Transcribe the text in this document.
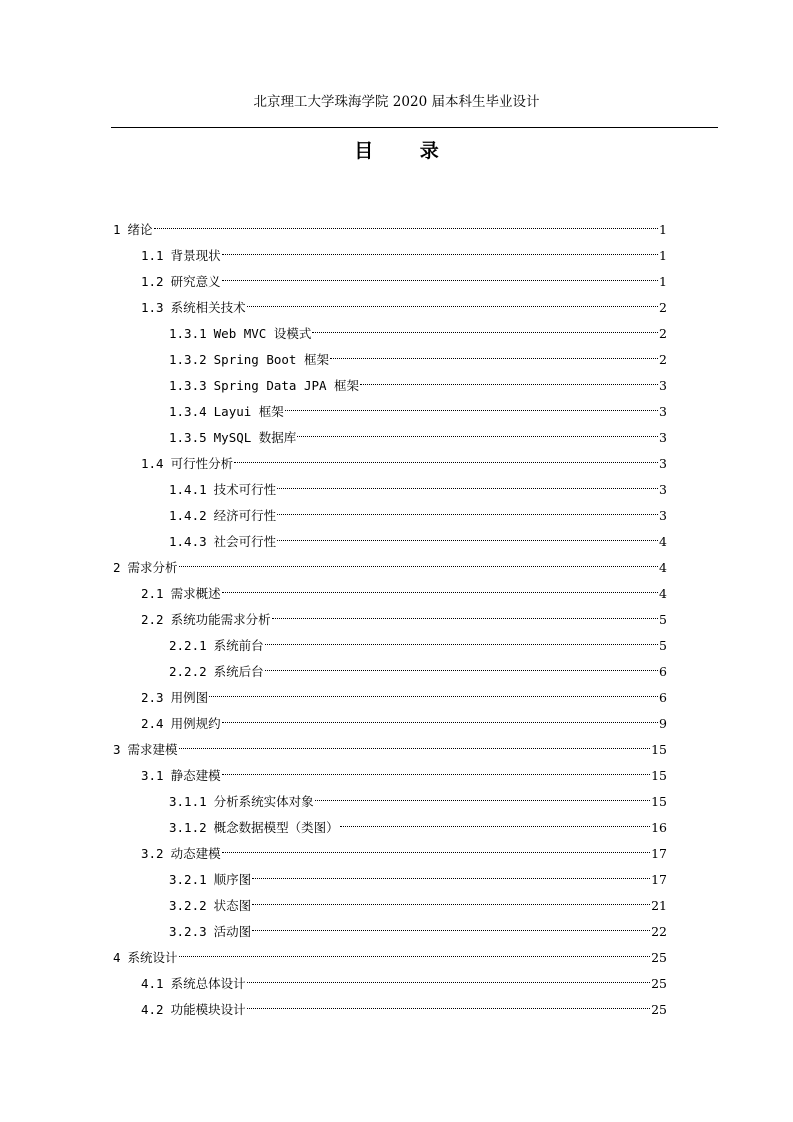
北京理工大学珠海学院 2020 届本科生毕业设计
目 录
1 绪论	1
1.1 背景现状	1
1.2 研究意义	1
1.3 系统相关技术	2
1.3.1 Web MVC 设模式	2
1.3.2 Spring Boot 框架	2
1.3.3 Spring Data JPA 框架	3
1.3.4 Layui 框架	3
1.3.5 MySQL 数据库	3
1.4 可行性分析	3
1.4.1 技术可行性	3
1.4.2 经济可行性	3
1.4.3 社会可行性	4
2 需求分析	4
2.1 需求概述	4
2.2 系统功能需求分析	5
2.2.1 系统前台	5
2.2.2 系统后台	6
2.3 用例图	6
2.4 用例规约	9
3 需求建模	15
3.1 静态建模	15
3.1.1 分析系统实体对象	15
3.1.2 概念数据模型（类图）	16
3.2 动态建模	17
3.2.1 顺序图	17
3.2.2 状态图	21
3.2.3 活动图	22
4 系统设计	25
4.1 系统总体设计	25
4.2 功能模块设计	25
